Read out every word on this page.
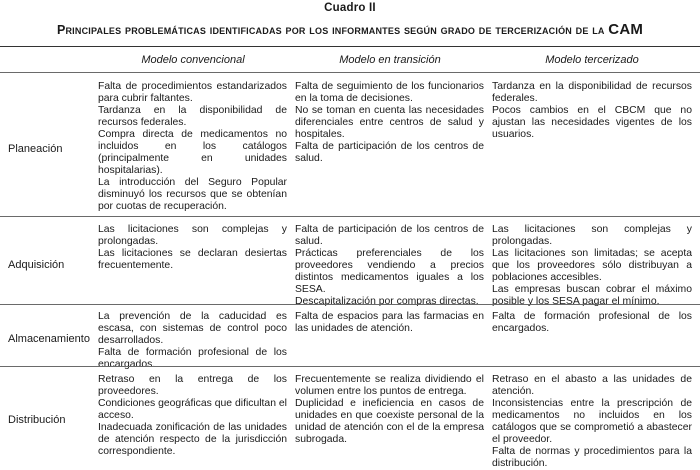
Cuadro II
Principales problemáticas identificadas por los informantes según grado de tercerización de la CAM
Modelo convencional	Modelo en transición	Modelo tercerizado
Planeación

Falta de procedimientos estandarizados para cubrir faltantes.

Tardanza en la disponibilidad de recursos federales.

Compra directa de medicamentos no incluidos en los catálogos (principalmente en unidades hospitalarias).

La introducción del Seguro Popular disminuyó los recursos que se obtenían por cuotas de recuperación.

Falta de seguimiento de los funcionarios en la toma de decisiones.

No se toman en cuenta las necesidades diferenciales entre centros de salud y hospitales.

Falta de participación de los centros de salud.

Tardanza en la disponibilidad de recursos federales.

Pocos cambios en el CBCM que no ajustan las necesidades vigentes de los usuarios.

Adquisición

Las licitaciones son complejas y prolongadas.

Las licitaciones se declaran desiertas frecuentemente.

Falta de participación de los centros de salud.

Prácticas preferenciales de los proveedores vendiendo a precios distintos medicamentos iguales a los SESA.

Descapitalización por compras directas.

Las licitaciones son complejas y prolongadas.

Las licitaciones son limitadas; se acepta que los proveedores sólo distribuyan a poblaciones accesibles.

Las empresas buscan cobrar el máximo posible y los SESA pagar el mínimo.

Almacenamiento

La prevención de la caducidad es escasa, con sistemas de control poco desarrollados.

Falta de formación profesional de los encargados.

Falta de espacios para las farmacias en las unidades de atención.

Falta de formación profesional de los encargados.

Distribución

Retraso en la entrega de los proveedores.

Condiciones geográficas que dificultan el acceso.

Inadecuada zonificación de las unidades de atención respecto de la jurisdicción correspondiente.

Frecuentemente se realiza dividiendo el volumen entre los puntos de entrega.

Duplicidad e ineficiencia en casos de unidades en que coexiste personal de la unidad de atención con el de la empresa subrogada.

Retraso en el abasto a las unidades de atención.

Inconsistencias entre la prescripción de medicamentos no incluidos en los catálogos que se comprometió a abastecer el proveedor.

Falta de normas y procedimientos para la distribución.
